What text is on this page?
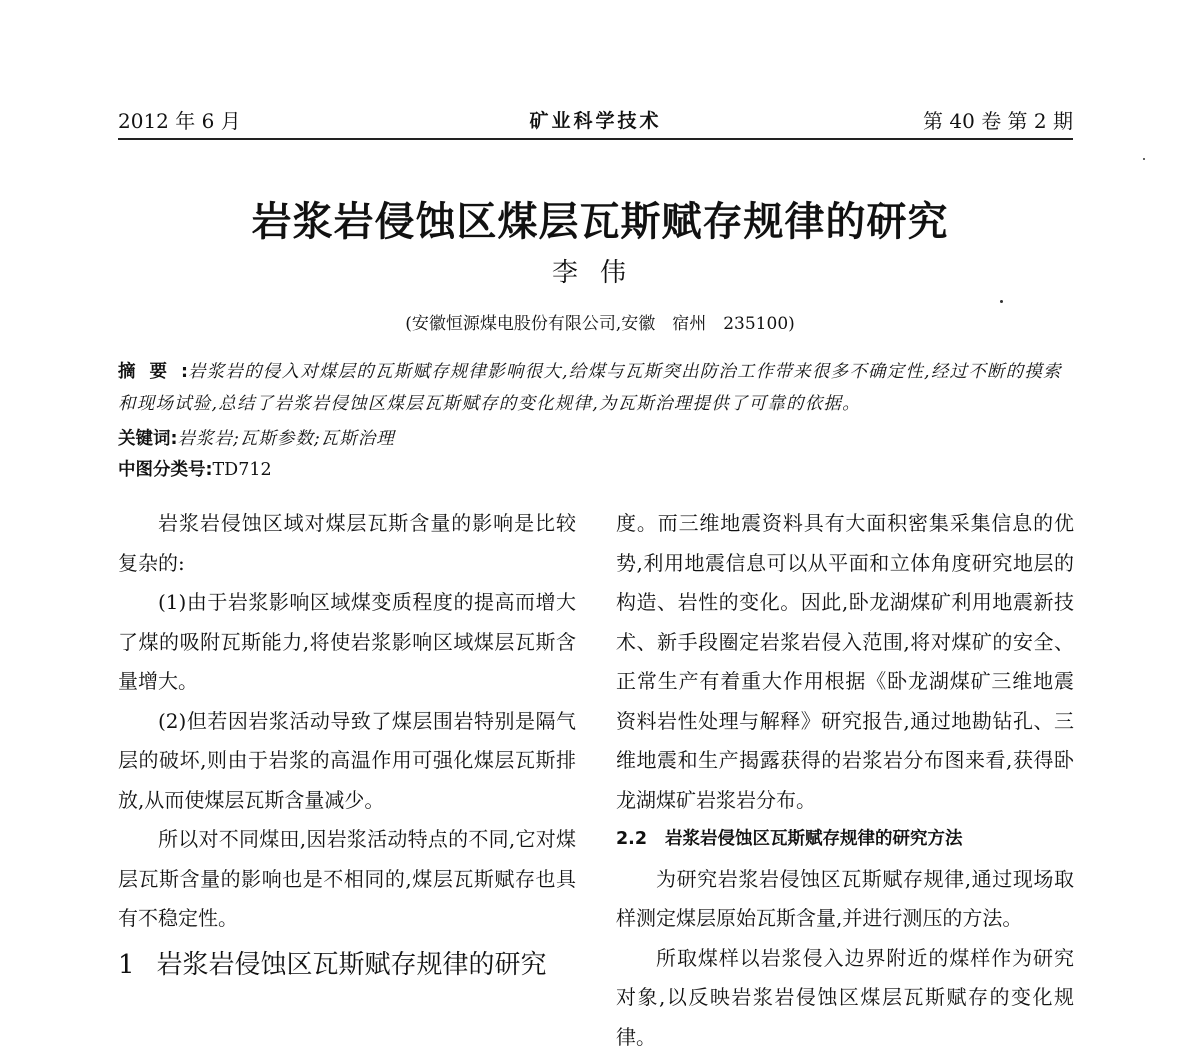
2012 年 6 月	矿业科学技术	第 40 卷 第 2 期
岩浆岩侵蚀区煤层瓦斯赋存规律的研究
李伟
(安徽恒源煤电股份有限公司,安徽　宿州　235100)
摘要:岩浆岩的侵入对煤层的瓦斯赋存规律影响很大,给煤与瓦斯突出防治工作带来很多不确定性,经过不断的摸索和现场试验,总结了岩浆岩侵蚀区煤层瓦斯赋存的变化规律,为瓦斯治理提供了可靠的依据。
关键词:岩浆岩;瓦斯参数;瓦斯治理
中图分类号:TD712

岩浆岩侵蚀区域对煤层瓦斯含量的影响是比较复杂的:

(1)由于岩浆影响区域煤变质程度的提高而增大了煤的吸附瓦斯能力,将使岩浆影响区域煤层瓦斯含量增大。

(2)但若因岩浆活动导致了煤层围岩特别是隔气层的破坏,则由于岩浆的高温作用可强化煤层瓦斯排放,从而使煤层瓦斯含量减少。

所以对不同煤田,因岩浆活动特点的不同,它对煤层瓦斯含量的影响也是不相同的,煤层瓦斯赋存也具有不稳定性。

1 岩浆岩侵蚀区瓦斯赋存规律的研究

度。而三维地震资料具有大面积密集采集信息的优势,利用地震信息可以从平面和立体角度研究地层的构造、岩性的变化。因此,卧龙湖煤矿利用地震新技术、新手段圈定岩浆岩侵入范围,将对煤矿的安全、正常生产有着重大作用根据《卧龙湖煤矿三维地震资料岩性处理与解释》研究报告,通过地勘钻孔、三维地震和生产揭露获得的岩浆岩分布图来看,获得卧龙湖煤矿岩浆岩分布。

2.2 岩浆岩侵蚀区瓦斯赋存规律的研究方法

为研究岩浆岩侵蚀区瓦斯赋存规律,通过现场取样测定煤层原始瓦斯含量,并进行测压的方法。

所取煤样以岩浆侵入边界附近的煤样作为研究对象,以反映岩浆岩侵蚀区煤层瓦斯赋存的变化规律。
